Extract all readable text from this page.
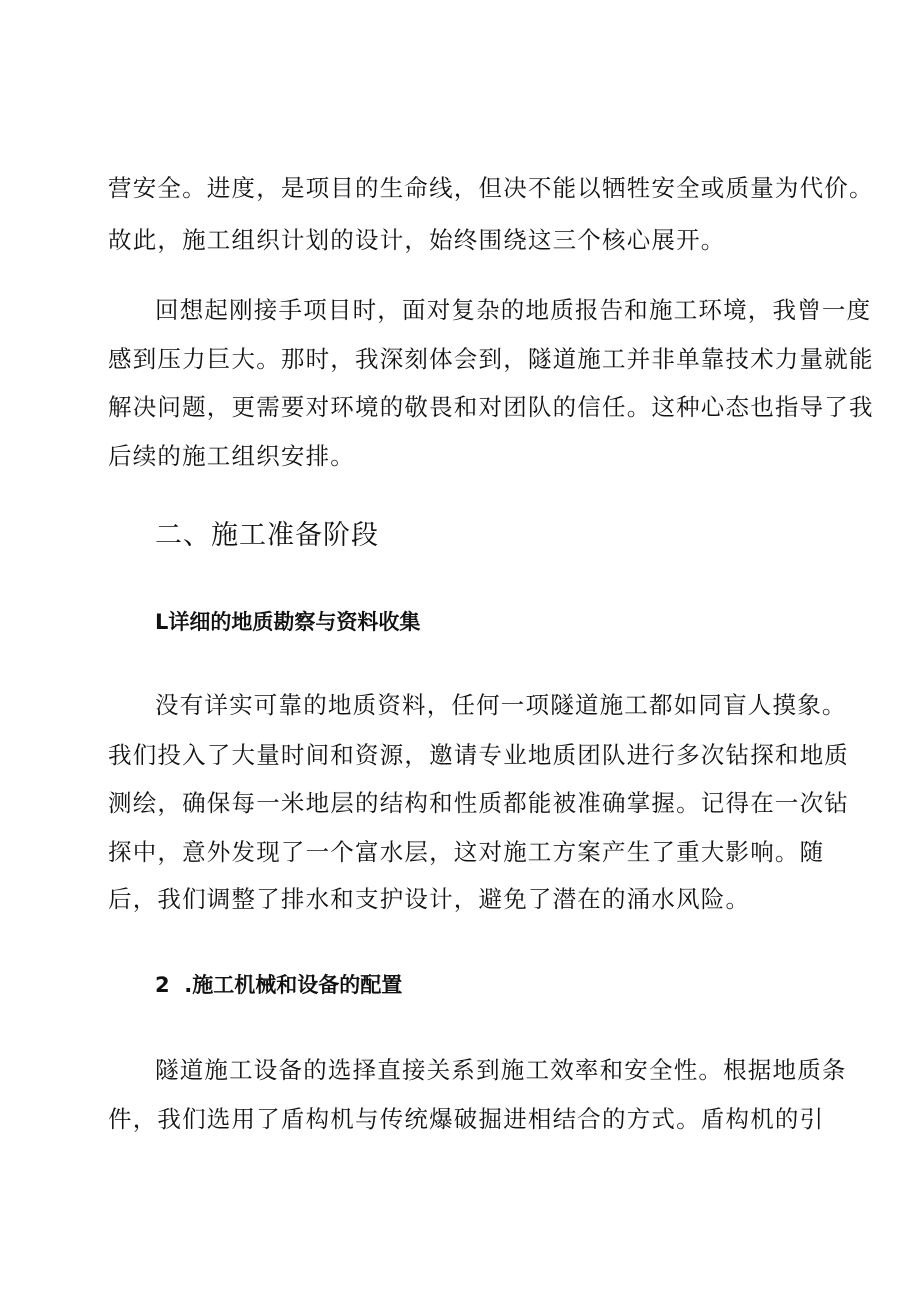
营安全。进度，是项目的生命线，但决不能以牺牲安全或质量为代价。
故此，施工组织计划的设计，始终围绕这三个核心展开。
回想起刚接手项目时，面对复杂的地质报告和施工环境，我曾一度
感到压力巨大。那时，我深刻体会到，隧道施工并非单靠技术力量就能
解决问题，更需要对环境的敬畏和对团队的信任。这种心态也指导了我
后续的施工组织安排。
二、施工准备阶段
L详细的地质勘察与资料收集
没有详实可靠的地质资料，任何一项隧道施工都如同盲人摸象。
我们投入了大量时间和资源，邀请专业地质团队进行多次钻探和地质
测绘，确保每一米地层的结构和性质都能被准确掌握。记得在一次钻
探中，意外发现了一个富水层，这对施工方案产生了重大影响。随
后，我们调整了排水和支护设计，避免了潜在的涌水风险。
2  .施工机械和设备的配置
隧道施工设备的选择直接关系到施工效率和安全性。根据地质条
件，我们选用了盾构机与传统爆破掘进相结合的方式。盾构机的引
